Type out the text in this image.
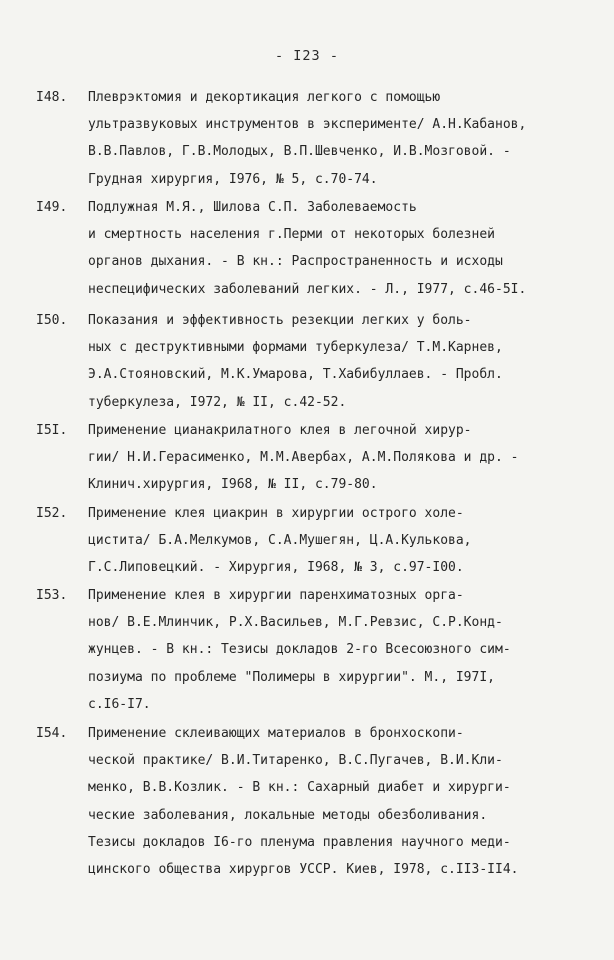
- I23 -
I48. Плеврэктомия и декортикация легкого с помощью
ультразвуковых инструментов в эксперименте/ А.Н.Кабанов,
В.В.Павлов, Г.В.Молодых, В.П.Шевченко, И.В.Мозговой. -
Грудная хирургия, I976, № 5, с.70-74.
I49. Подлужная М.Я., Шилова С.П. Заболеваемость
и смертность населения г.Перми от некоторых болезней
органов дыхания. - В кн.: Распространенность и исходы
неспецифических заболеваний легких. - Л., I977, с.46-5I.
I50. Показания и эффективность резекции легких у боль-
ных с деструктивными формами туберкулеза/ Т.М.Карнев,
Э.А.Стояновский, М.К.Умарова, Т.Хабибуллаев. - Пробл.
туберкулеза, I972, № II, с.42-52.
I5I. Применение цианакрилатного клея в легочной хирур-
гии/ Н.И.Герасименко, М.М.Авербах, А.М.Полякова и др. -
Клинич.хирургия, I968, № II, с.79-80.
I52. Применение клея циакрин в хирургии острого холе-
цистита/ Б.А.Мелкумов, С.А.Мушегян, Ц.А.Кулькова,
Г.С.Липовецкий. - Хирургия, I968, № 3, с.97-I00.
I53. Применение клея в хирургии паренхиматозных орга-
нов/ В.Е.Млинчик, Р.Х.Васильев, М.Г.Ревзис, С.Р.Конд-
жунцев. - В кн.: Тезисы докладов 2-го Всесоюзного сим-
позиума по проблеме "Полимеры в хирургии". М., I97I,
с.I6-I7.
I54. Применение склеивающих материалов в бронхоскопи-
ческой практике/ В.И.Титаренко, В.С.Пугачев, В.И.Кли-
менко, В.В.Козлик. - В кн.: Сахарный диабет и хирурги-
ческие заболевания, локальные методы обезболивания.
Тезисы докладов I6-го пленума правления научного меди-
цинского общества хирургов УССР. Киев, I978, с.II3-II4.
